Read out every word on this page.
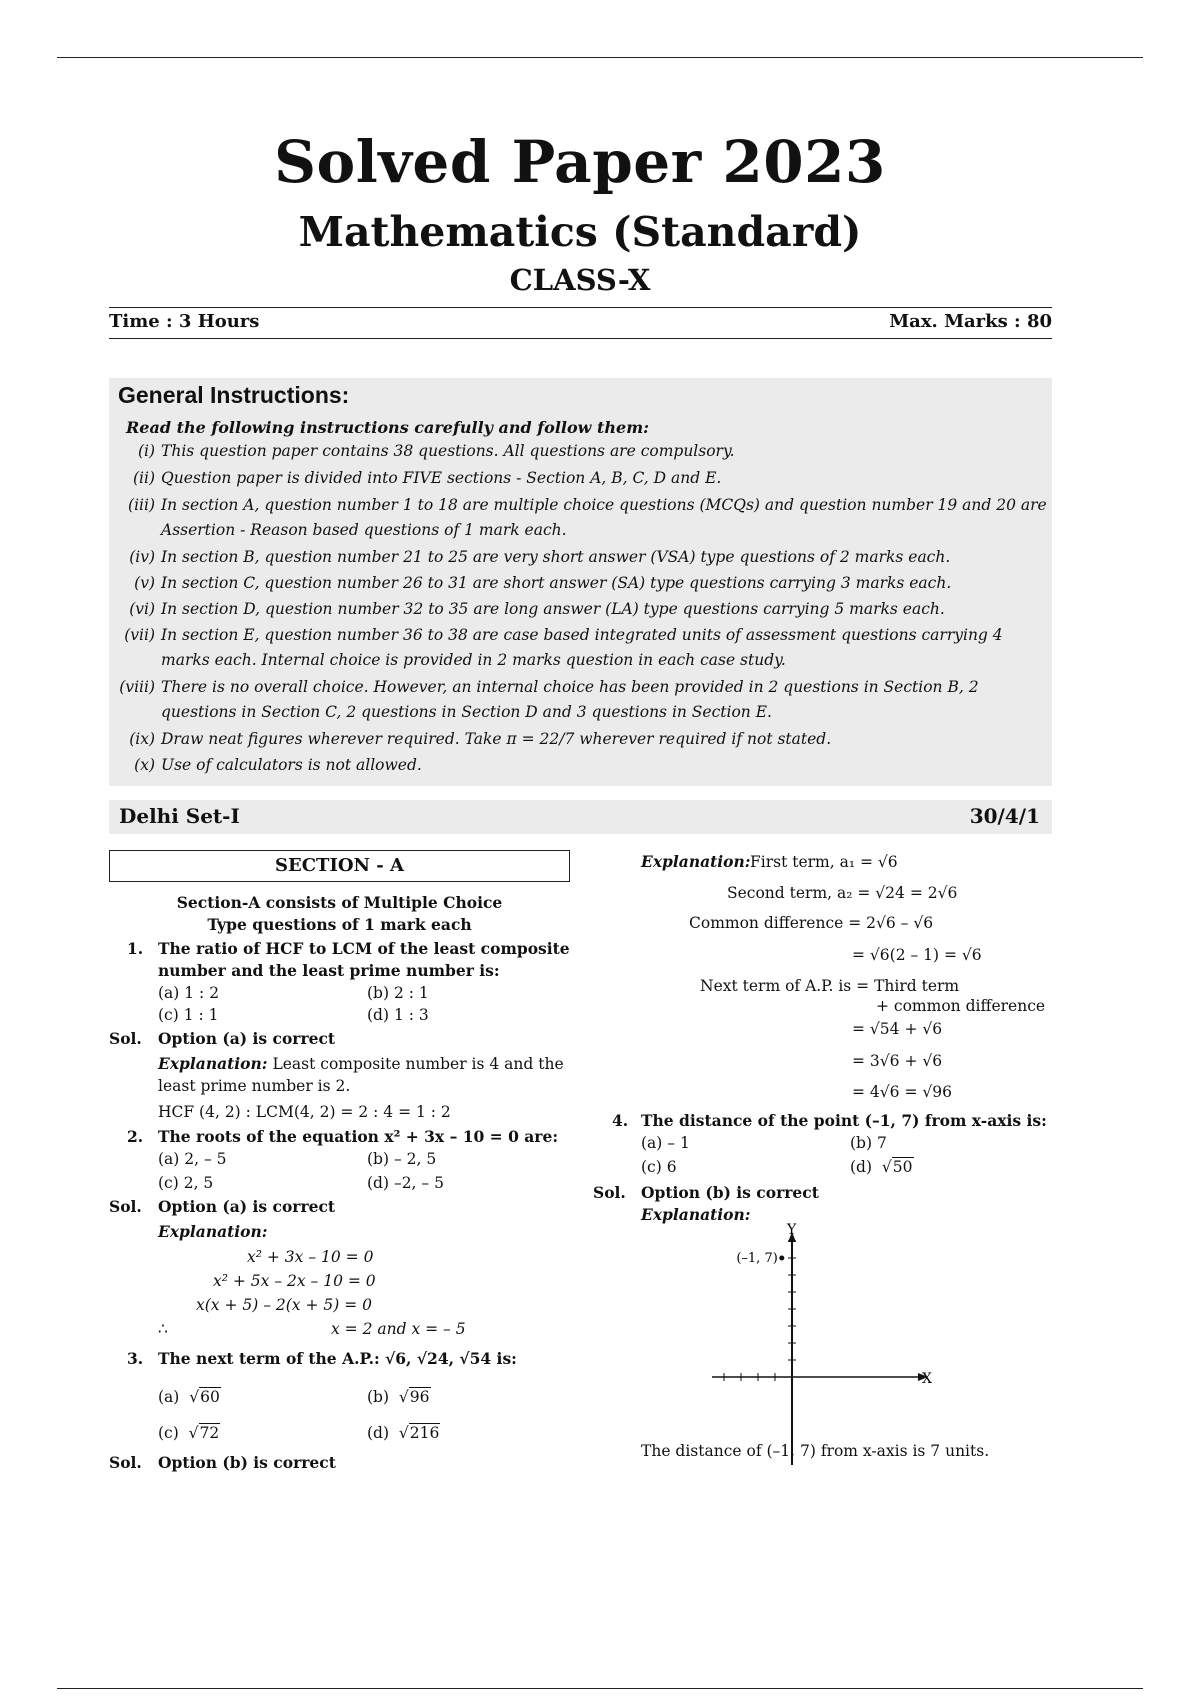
Solved Paper 2023
Mathematics (Standard)
CLASS-X
Time : 3 Hours	Max. Marks : 80
General Instructions:
Read the following instructions carefully and follow them:
(i) This question paper contains 38 questions. All questions are compulsory.
(ii) Question paper is divided into FIVE sections - Section A, B, C, D and E.
(iii) In section A, question number 1 to 18 are multiple choice questions (MCQs) and question number 19 and 20 are Assertion - Reason based questions of 1 mark each.
(iv) In section B, question number 21 to 25 are very short answer (VSA) type questions of 2 marks each.
(v) In section C, question number 26 to 31 are short answer (SA) type questions carrying 3 marks each.
(vi) In section D, question number 32 to 35 are long answer (LA) type questions carrying 5 marks each.
(vii) In section E, question number 36 to 38 are case based integrated units of assessment questions carrying 4 marks each. Internal choice is provided in 2 marks question in each case study.
(viii) There is no overall choice. However, an internal choice has been provided in 2 questions in Section B, 2 questions in Section C, 2 questions in Section D and 3 questions in Section E.
(ix) Draw neat figures wherever required. Take π = 22/7 wherever required if not stated.
(x) Use of calculators is not allowed.
Delhi Set-I	30/4/1
SECTION - A
Section-A consists of Multiple Choice
Type questions of 1 mark each
1. The ratio of HCF to LCM of the least composite
number and the least prime number is:
(a) 1 : 2	(b) 2 : 1
(c) 1 : 1	(d) 1 : 3
Sol. Option (a) is correct
Explanation: Least composite number is 4 and the
least prime number is 2.
HCF (4, 2) : LCM(4, 2) = 2 : 4 = 1 : 2
2. The roots of the equation x² + 3x – 10 = 0 are:
(a) 2, – 5	(b) – 2, 5
(c) 2, 5	(d) –2, – 5
Sol. Option (a) is correct
Explanation:
x² + 3x – 10 = 0
x² + 5x – 2x – 10 = 0
x(x + 5) – 2(x + 5) = 0
∴	x = 2 and x = – 5
3. The next term of the A.P.: √6, √24, √54 is:
(a)  √60	(b)  √96
(c)  √72	(d)  √216
Sol. Option (b) is correct
Explanation: First term, a₁ = √6
Second term, a₂ = √24 = 2√6
Common difference = 2√6 – √6
= √6(2 – 1) = √6
Next term of A.P. is = Third term
+ common difference
= √54 + √6
= 3√6 + √6
= 4√6 = √96
4. The distance of the point (–1, 7) from x-axis is:
(a) – 1	(b) 7
(c) 6	(d)  √50
Sol. Option (b) is correct
Explanation:
Y
X
(–1, 7)
The distance of (–1, 7) from x-axis is 7 units.
